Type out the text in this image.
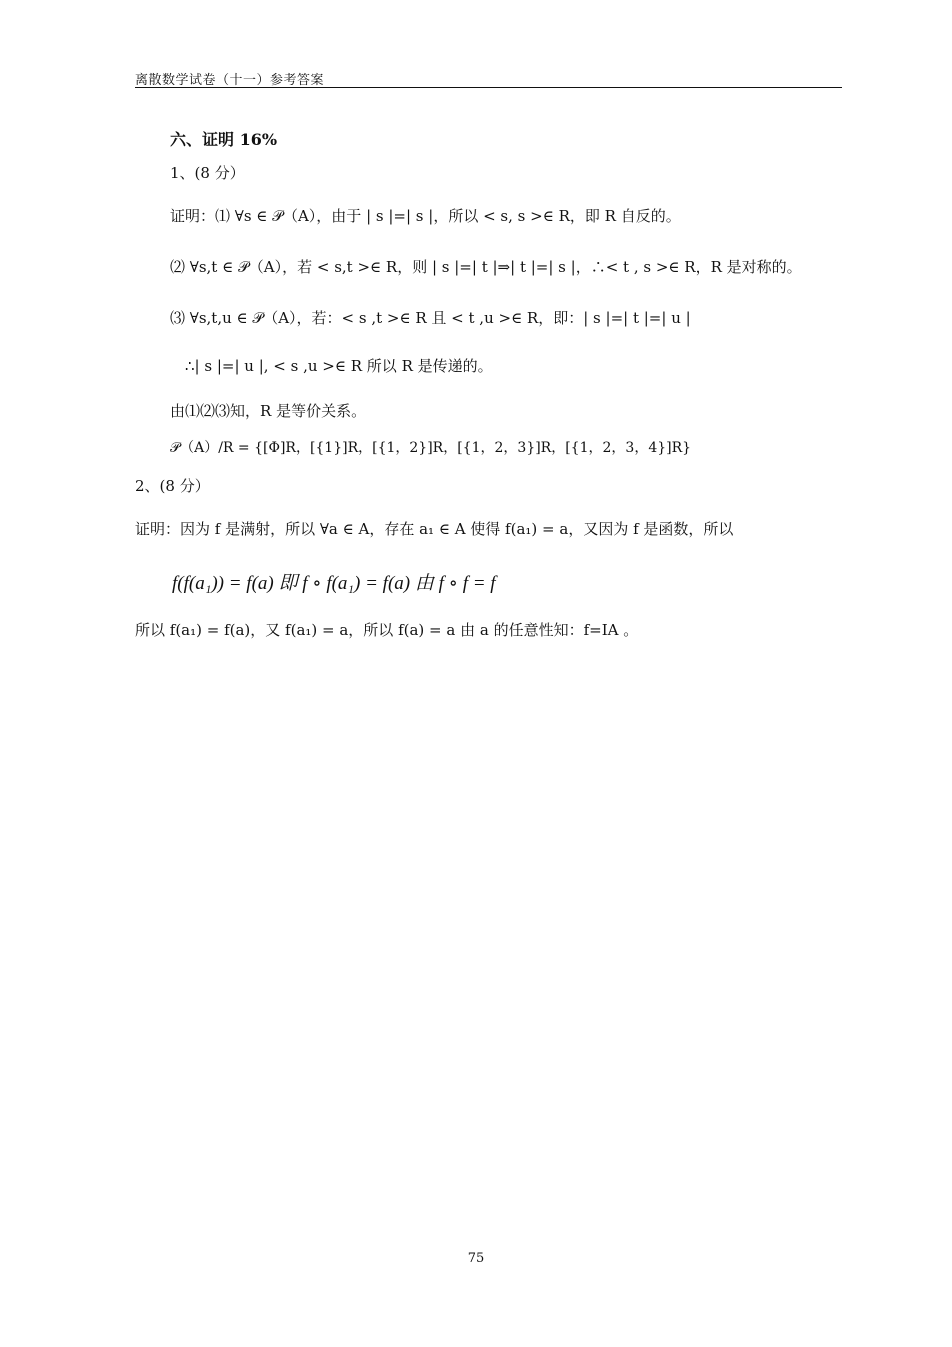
离散数学试卷（十一）参考答案
六、证明 16%
1、(8 分）
证明：⑴ ∀s ∈ 𝒫（A），由于 | s |=| s |，所以 < s, s >∈ R，即 R 自反的。
⑵ ∀s,t ∈ 𝒫（A），若 < s,t >∈ R，则 | s |=| t |⇒| t |=| s |，∴< t , s >∈ R，R 是对称的。
⑶ ∀s,t,u ∈ 𝒫（A），若：< s ,t >∈ R 且 < t ,u >∈ R，即：| s |=| t |=| u |
∴| s |=| u |, < s ,u >∈ R 所以 R 是传递的。
由⑴⑵⑶知，R 是等价关系。
𝒫（A）/R = {[Φ]R，[{1}]R，[{1，2}]R，[{1，2，3}]R，[{1，2，3，4}]R}
2、(8 分）
证明：因为 f 是满射，所以 ∀a ∈ A，存在 a₁ ∈ A 使得 f(a₁) = a，又因为 f 是函数，所以
f(f(a₁)) = f(a) 即 f ∘ f(a₁) = f(a) 由 f ∘ f = f
所以 f(a₁) = f(a)，又 f(a₁) = a，所以 f(a) = a 由 a 的任意性知：f=IA 。
75
